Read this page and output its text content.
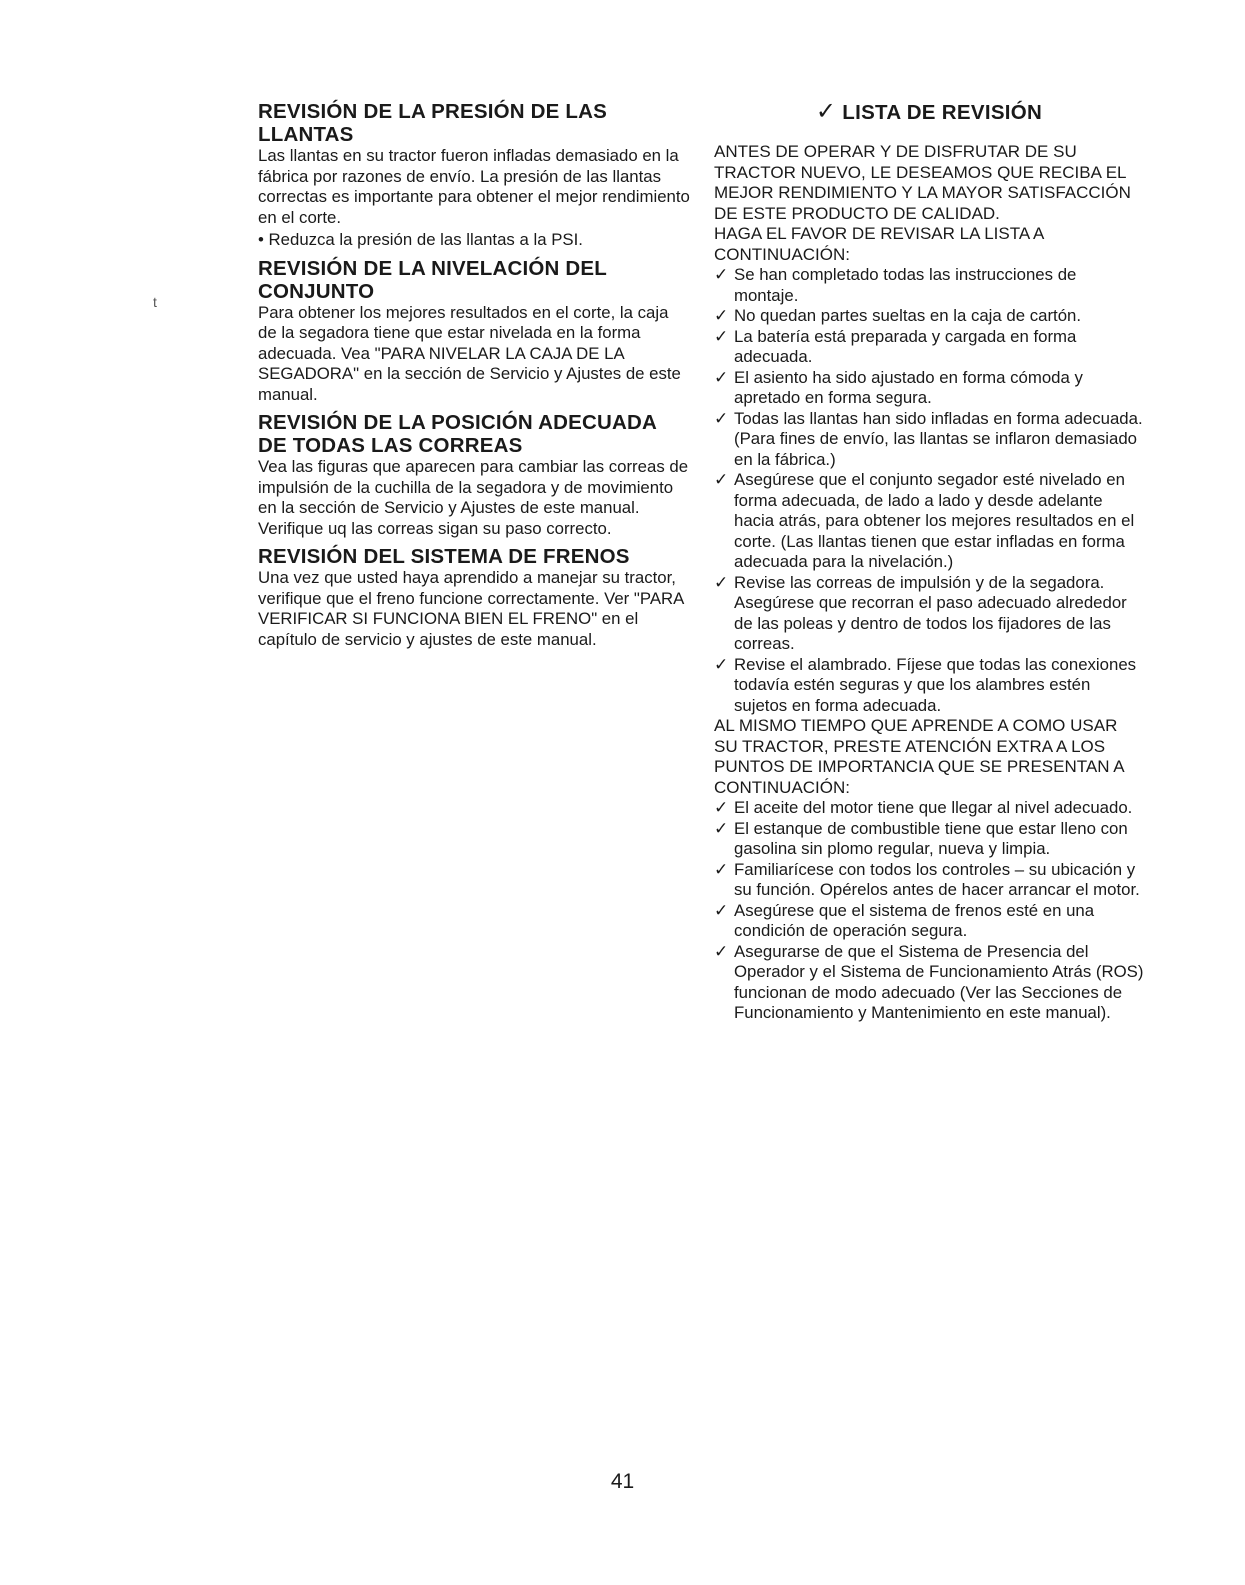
t
REVISIÓN DE LA PRESIÓN DE LAS LLANTAS
Las llantas en su tractor fueron infladas demasiado en la fábrica por razones de envío. La presión de las llantas correctas es importante para obtener el mejor rendimiento en el corte.
• Reduzca la presión de las llantas a la PSI.
REVISIÓN DE LA NIVELACIÓN DEL CONJUNTO
Para obtener los mejores resultados en el corte, la caja de la segadora tiene que estar nivelada en la forma adecuada. Vea "PARA NIVELAR LA CAJA DE LA SEGADORA" en la sección de Servicio y Ajustes de este manual.
REVISIÓN DE LA POSICIÓN ADECUADA DE TODAS LAS CORREAS
Vea las figuras que aparecen para cambiar las correas de impulsión de la cuchilla de la segadora y de movimiento en la sección de Servicio y Ajustes de este manual. Verifique uq las correas sigan su paso correcto.
REVISIÓN DEL SISTEMA DE FRENOS
Una vez que usted haya aprendido a manejar su tractor, verifique que el freno funcione correctamente. Ver "PARA VERIFICAR SI FUNCIONA BIEN EL FRENO" en el capítulo de servicio y ajustes de este manual.
✓ LISTA DE REVISIÓN
ANTES DE OPERAR Y DE DISFRUTAR DE SU TRACTOR NUEVO, LE DESEAMOS QUE RECIBA EL MEJOR RENDIMIENTO Y LA MAYOR SATISFACCIÓN DE ESTE PRODUCTO DE CALIDAD.
HAGA EL FAVOR DE REVISAR LA LISTA A CONTINUACIÓN:
✓ Se han completado todas las instrucciones de montaje.
✓ No quedan partes sueltas en la caja de cartón.
✓ La batería está preparada y cargada en forma adecuada.
✓ El asiento ha sido ajustado en forma cómoda y apretado en forma segura.
✓ Todas las llantas han sido infladas en forma adecuada. (Para fines de envío, las llantas se inflaron demasiado en la fábrica.)
✓ Asegúrese que el conjunto segador esté nivelado en forma adecuada, de lado a lado y desde adelante hacia atrás, para obtener los mejores resultados en el corte. (Las llantas tienen que estar infladas en forma adecuada para la nivelación.)
✓ Revise las correas de impulsión y de la segadora. Asegúrese que recorran el paso adecuado alrededor de las poleas y dentro de todos los fijadores de las correas.
✓ Revise el alambrado. Fíjese que todas las conexiones todavía estén seguras y que los alambres estén sujetos en forma adecuada.
AL MISMO TIEMPO QUE APRENDE A COMO USAR SU TRACTOR, PRESTE ATENCIÓN EXTRA A LOS PUNTOS DE IMPORTANCIA QUE SE PRESENTAN A CONTINUACIÓN:
✓ El aceite del motor tiene que llegar al nivel adecuado.
✓ El estanque de combustible tiene que estar lleno con gasolina sin plomo regular, nueva y limpia.
✓ Familiarícese con todos los controles – su ubicación y su función. Opérelos antes de hacer arrancar el motor.
✓ Asegúrese que el sistema de frenos esté en una condición de operación segura.
✓ Asegurarse de que el Sistema de Presencia del Operador y el Sistema de Funcionamiento Atrás (ROS) funcionan de modo adecuado (Ver las Secciones de Funcionamiento y Mantenimiento en este manual).
41
